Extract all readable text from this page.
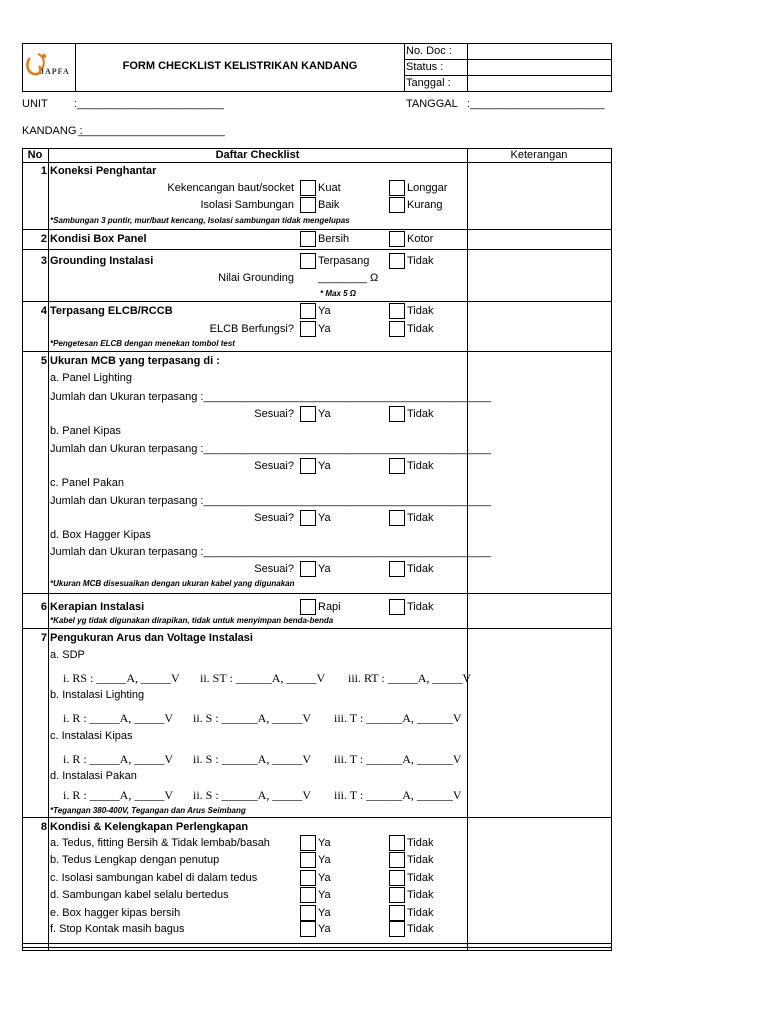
JAPFA	FORM CHECKLIST KELISTRIKAN KANDANG
No. Doc :
Status :
Tanggal :
UNIT :________________________	TANGGAL :______________________
KANDANG :
________________________
No	Daftar Checklist	Keterangan
1 Koneksi Penghantar
Kekencangan baut/socket Kuat	Longgar
Isolasi Sambungan Baik	Kurang
*Sambungan 3 puntir, mur/baut kencang, Isolasi sambungan tidak mengelupas
2 Kondisi Box Panel	Bersih	Kotor
3 Grounding Instalasi	Terpasang	Tidak
Nilai Grounding ________ Ω
* Max 5 Ω
4 Terpasang ELCB/RCCB	Ya	Tidak
ELCB Berfungsi? Ya	Tidak
*Pengetesan ELCB dengan menekan tombol test
5 Ukuran MCB yang terpasang di :
a. Panel Lighting
Jumlah dan Ukuran terpasang :_______________________________________________
Sesuai? Ya	Tidak
b. Panel Kipas
Jumlah dan Ukuran terpasang :_______________________________________________
Sesuai? Ya	Tidak
c. Panel Pakan
Jumlah dan Ukuran terpasang :_______________________________________________
Sesuai? Ya	Tidak
d. Box Hagger Kipas
Jumlah dan Ukuran terpasang :_______________________________________________
Sesuai? Ya	Tidak
*Ukuran MCB disesuaikan dengan ukuran kabel yang digunakan
6 Kerapian Instalasi	Rapi	Tidak
*Kabel yg tidak digunakan dirapikan, tidak untuk menyimpan benda-benda
7 Pengukuran Arus dan Voltage Instalasi
a. SDP
i. RS : _____A, _____V ii. ST : ______A, _____V iii. RT : _____A, _____V
b. Instalasi Lighting
i. R : _____A, _____V ii. S : ______A, _____V iii. T : ______A, ______V
c. Instalasi Kipas
i. R : _____A, _____V ii. S : ______A, _____V iii. T : ______A, ______V
d. Instalasi Pakan
i. R : _____A, _____V ii. S : ______A, _____V iii. T : ______A, ______V
*Tegangan 380-400V, Tegangan dan Arus Seimbang
8 Kondisi & Kelengkapan Perlengkapan
a. Tedus, fitting Bersih & Tidak lembab/basah	Ya	Tidak
b. Tedus Lengkap dengan penutup	Ya	Tidak
c. Isolasi sambungan kabel di dalam tedus	Ya	Tidak
d. Sambungan kabel selalu bertedus	Ya	Tidak
e. Box hagger kipas bersih	Ya	Tidak
f. Stop Kontak masih bagus	Ya	Tidak
